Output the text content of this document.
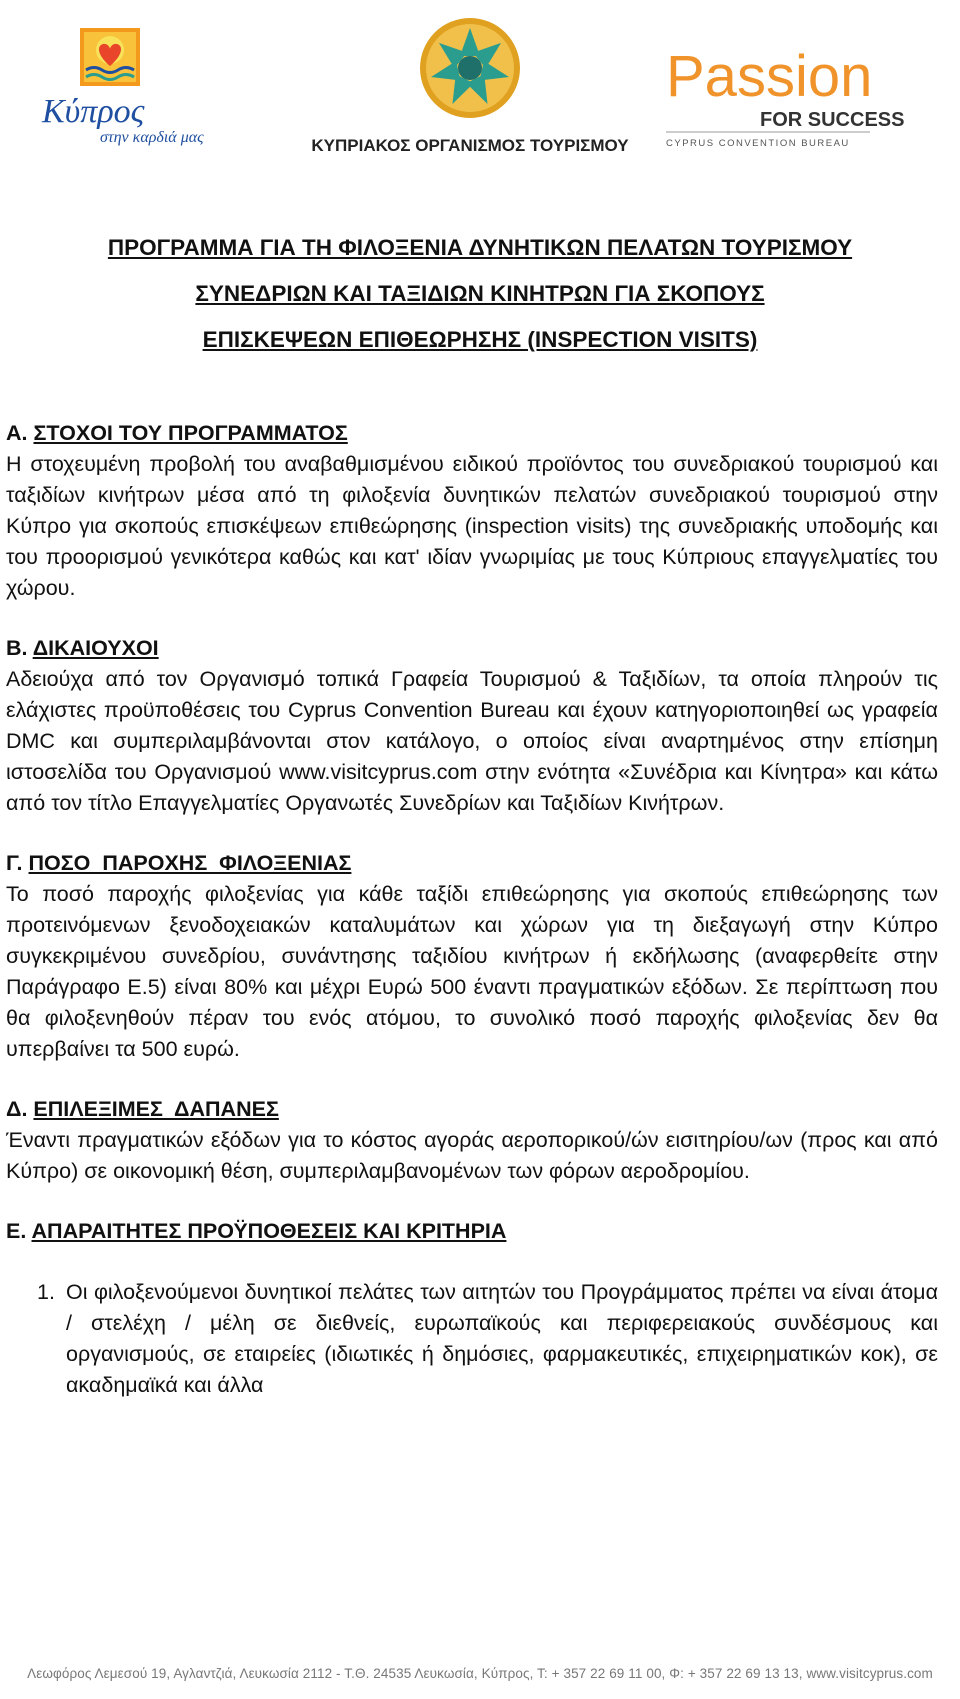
Κύπρος
στην καρδιά μας	ΚΥΠΡΙΑΚΟΣ ΟΡΓΑΝΙΣΜΟΣ ΤΟΥΡΙΣΜΟΥ
Passion
FOR SUCCESS
CYPRUS CONVENTION BUREAU
ΠΡΟΓΡΑΜΜΑ ΓΙΑ ΤΗ ΦΙΛΟΞΕΝΙΑ ΔΥΝΗΤΙΚΩΝ ΠΕΛΑΤΩΝ ΤΟΥΡΙΣΜΟΥ
ΣΥΝΕΔΡΙΩΝ ΚΑΙ ΤΑΞΙΔΙΩΝ ΚΙΝΗΤΡΩΝ ΓΙΑ ΣΚΟΠΟΥΣ
ΕΠΙΣΚΕΨΕΩΝ ΕΠΙΘΕΩΡΗΣΗΣ (INSPECTION VISITS)
Α. ΣΤΟΧΟΙ ΤΟΥ ΠΡΟΓΡΑΜΜΑΤΟΣ
Η στοχευμένη προβολή του αναβαθμισμένου ειδικού προϊόντος του συνεδριακού τουρισμού και ταξιδίων κινήτρων μέσα από τη φιλοξενία δυνητικών πελατών συνεδριακού τουρισμού στην Κύπρο για σκοπούς επισκέψεων επιθεώρησης (inspection visits) της συνεδριακής υποδομής και του προορισμού γενικότερα καθώς και κατ' ιδίαν γνωριμίας με τους Κύπριους επαγγελματίες του χώρου.
Β. ΔΙΚΑΙΟΥΧΟΙ
Αδειούχα από τον Οργανισμό τοπικά Γραφεία Τουρισμού & Ταξιδίων, τα οποία πληρούν τις ελάχιστες προϋποθέσεις του Cyprus Convention Bureau και έχουν κατηγοριοποιηθεί ως γραφεία DMC και συμπεριλαμβάνονται στον κατάλογο, ο οποίος είναι αναρτημένος στην επίσημη ιστοσελίδα του Οργανισμού www.visitcyprus.com στην ενότητα «Συνέδρια και Κίνητρα» και κάτω από τον τίτλο Επαγγελματίες Οργανωτές Συνεδρίων και Ταξιδίων Κινήτρων.
Γ. ΠΟΣΟ  ΠΑΡΟΧΗΣ  ΦΙΛΟΞΕΝΙΑΣ
Το ποσό παροχής φιλοξενίας για κάθε ταξίδι επιθεώρησης για σκοπούς επιθεώρησης των προτεινόμενων ξενοδοχειακών καταλυμάτων και χώρων για τη διεξαγωγή στην Κύπρο συγκεκριμένου συνεδρίου, συνάντησης ταξιδίου κινήτρων ή εκδήλωσης (αναφερθείτε στην Παράγραφο Ε.5) είναι 80% και μέχρι Ευρώ 500 έναντι πραγματικών εξόδων. Σε περίπτωση που θα φιλοξενηθούν πέραν του ενός ατόμου, το συνολικό ποσό παροχής φιλοξενίας δεν θα υπερβαίνει τα 500 ευρώ.
Δ. ΕΠΙΛΕΞΙΜΕΣ  ΔΑΠΑΝΕΣ
Έναντι πραγματικών εξόδων για το κόστος αγοράς αεροπορικού/ών εισιτηρίου/ων (προς και από Κύπρο) σε οικονομική θέση, συμπεριλαμβανομένων των φόρων αεροδρομίου.
Ε. ΑΠΑΡΑΙΤΗΤΕΣ ΠΡΟΫΠΟΘΕΣΕΙΣ ΚΑΙ ΚΡΙΤΗΡΙΑ
1. Οι φιλοξενούμενοι δυνητικοί πελάτες των αιτητών του Προγράμματος πρέπει να είναι άτομα / στελέχη / μέλη σε διεθνείς, ευρωπαϊκούς και περιφερειακούς συνδέσμους και οργανισμούς, σε εταιρείες (ιδιωτικές ή δημόσιες, φαρμακευτικές, επιχειρηματικών κοκ), σε ακαδημαϊκά και άλλα
Λεωφόρος Λεμεσού 19, Αγλαντζιά, Λευκωσία 2112 - Τ.Θ. 24535 Λευκωσία, Κύπρος, Τ: + 357 22 69 11 00, Φ: + 357 22 69 13 13, www.visitcyprus.com
